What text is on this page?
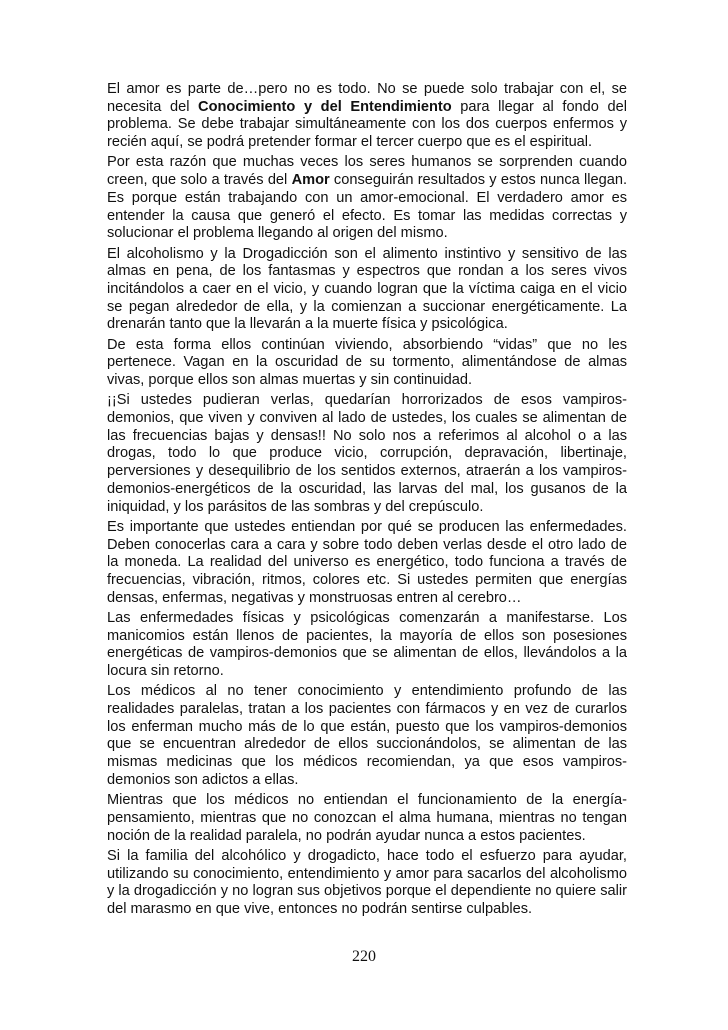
El amor es parte de…pero no es todo. No se puede solo trabajar con el, se necesita del Conocimiento y del Entendimiento para llegar al fondo del problema. Se debe trabajar simultáneamente con los dos cuerpos enfermos y recién aquí, se podrá pretender formar el tercer cuerpo que es el espiritual.

Por esta razón que muchas veces los seres humanos se sorprenden cuando creen, que solo a través del Amor conseguirán resultados y estos nunca llegan. Es porque están trabajando con un amor-emocional. El verdadero amor es entender la causa que generó el efecto. Es tomar las medidas correctas y solucionar el problema llegando al origen del mismo.

El alcoholismo y la Drogadicción son el alimento instintivo y sensitivo de las almas en pena, de los fantasmas y espectros que rondan a los seres vivos incitándolos a caer en el vicio, y cuando logran que la víctima caiga en el vicio se pegan alrededor de ella, y la comienzan a succionar energéticamente. La drenarán tanto que la llevarán a la muerte física y psicológica.

De esta forma ellos continúan viviendo, absorbiendo “vidas” que no les pertenece. Vagan en la oscuridad de su tormento, alimentándose de almas vivas, porque ellos son almas muertas y sin continuidad.

¡¡Si ustedes pudieran verlas, quedarían horrorizados de esos vampiros-demonios, que viven y conviven al lado de ustedes, los cuales se alimentan de las frecuencias bajas y densas!! No solo nos a referimos al alcohol o a las drogas, todo lo que produce vicio, corrupción, depravación, libertinaje, perversiones y desequilibrio de los sentidos externos, atraerán a los vampiros-demonios-energéticos de la oscuridad, las larvas del mal, los gusanos de la iniquidad, y los parásitos de las sombras y del crepúsculo.

Es importante que ustedes entiendan por qué se producen las enfermedades. Deben conocerlas cara a cara y sobre todo deben verlas desde el otro lado de la moneda. La realidad del universo es energético, todo funciona a través de frecuencias, vibración, ritmos, colores etc. Si ustedes permiten que energías densas, enfermas, negativas y monstruosas entren al cerebro…

Las enfermedades físicas y psicológicas comenzarán a manifestarse. Los manicomios están llenos de pacientes, la mayoría de ellos son posesiones energéticas de vampiros-demonios que se alimentan de ellos, llevándolos a la locura sin retorno.

Los médicos al no tener conocimiento y entendimiento profundo de las realidades paralelas, tratan a los pacientes con fármacos y en vez de curarlos los enferman mucho más de lo que están, puesto que los vampiros-demonios que se encuentran alrededor de ellos succionándolos, se alimentan de las mismas medicinas que los médicos recomiendan, ya que esos vampiros-demonios son adictos a ellas.

Mientras que los médicos no entiendan el funcionamiento de la energía-pensamiento, mientras que no conozcan el alma humana, mientras no tengan noción de la realidad paralela, no podrán ayudar nunca a estos pacientes.

Si la familia del alcohólico y drogadicto, hace todo el esfuerzo para ayudar, utilizando su conocimiento, entendimiento y amor para sacarlos del alcoholismo y la drogadicción y no logran sus objetivos porque el dependiente no quiere salir del marasmo en que vive, entonces no podrán sentirse culpables.

220
